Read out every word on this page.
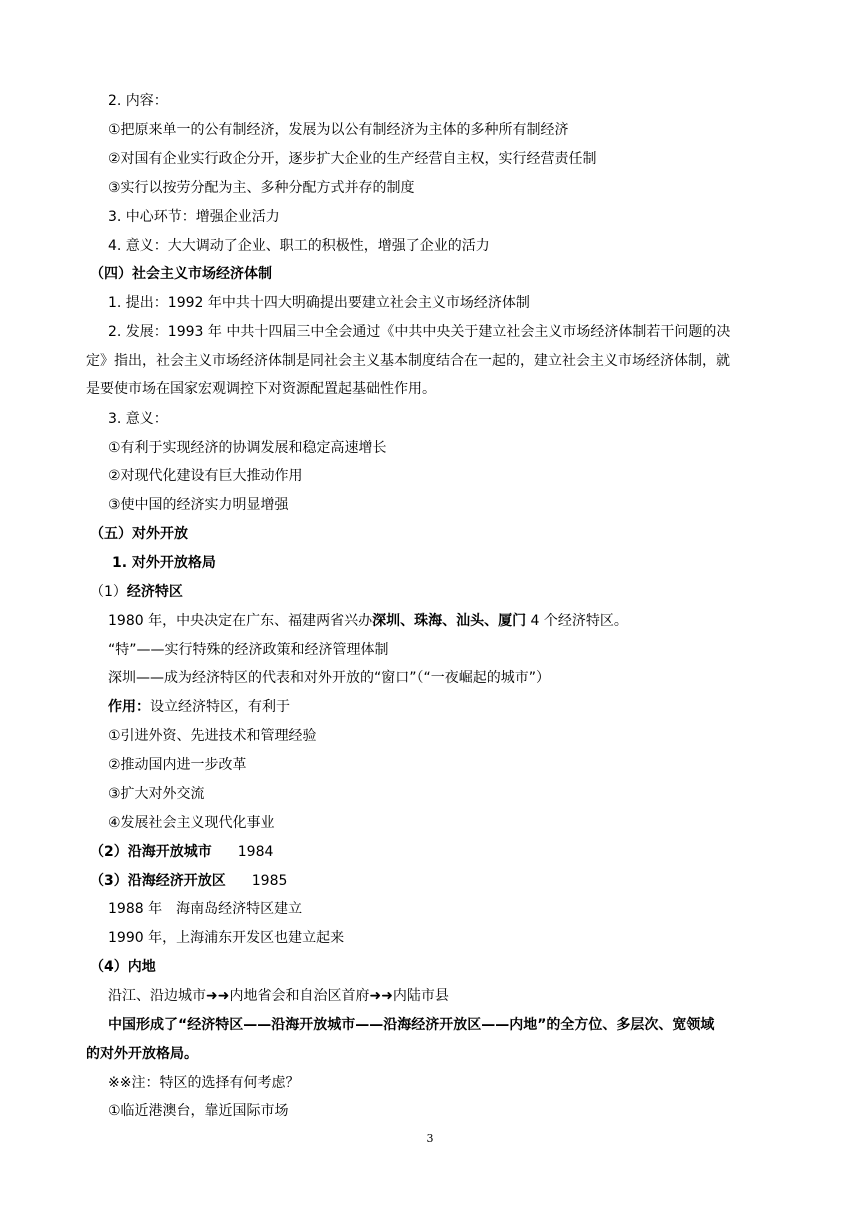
2. 内容：
①把原来单一的公有制经济，发展为以公有制经济为主体的多种所有制经济
②对国有企业实行政企分开，逐步扩大企业的生产经营自主权，实行经营责任制
③实行以按劳分配为主、多种分配方式并存的制度
3. 中心环节：增强企业活力
4. 意义：大大调动了企业、职工的积极性，增强了企业的活力
（四）社会主义市场经济体制
1. 提出：1992 年中共十四大明确提出要建立社会主义市场经济体制
2. 发展：1993 年 中共十四届三中全会通过《中共中央关于建立社会主义市场经济体制若干问题的决
定》指出，社会主义市场经济体制是同社会主义基本制度结合在一起的，建立社会主义市场经济体制，就
是要使市场在国家宏观调控下对资源配置起基础性作用。
3. 意义：
①有利于实现经济的协调发展和稳定高速增长
②对现代化建设有巨大推动作用
③使中国的经济实力明显增强
（五）对外开放
1. 对外开放格局
（1）经济特区
1980 年，中央决定在广东、福建两省兴办深圳、珠海、汕头、厦门 4 个经济特区。
“特”——实行特殊的经济政策和经济管理体制
深圳——成为经济特区的代表和对外开放的“窗口”（“一夜崛起的城市”）
作用：设立经济特区，有利于
①引进外资、先进技术和管理经验
②推动国内进一步改革
③扩大对外交流
④发展社会主义现代化事业
（2）沿海开放城市 1984
（3）沿海经济开放区 1985
1988 年　海南岛经济特区建立
1990 年，上海浦东开发区也建立起来
（4）内地
沿江、沿边城市➜➜内地省会和自治区首府➜➜内陆市县
中国形成了“经济特区——沿海开放城市——沿海经济开放区——内地”的全方位、多层次、宽领域
的对外开放格局。
※※注：特区的选择有何考虑？
①临近港澳台，靠近国际市场
3
